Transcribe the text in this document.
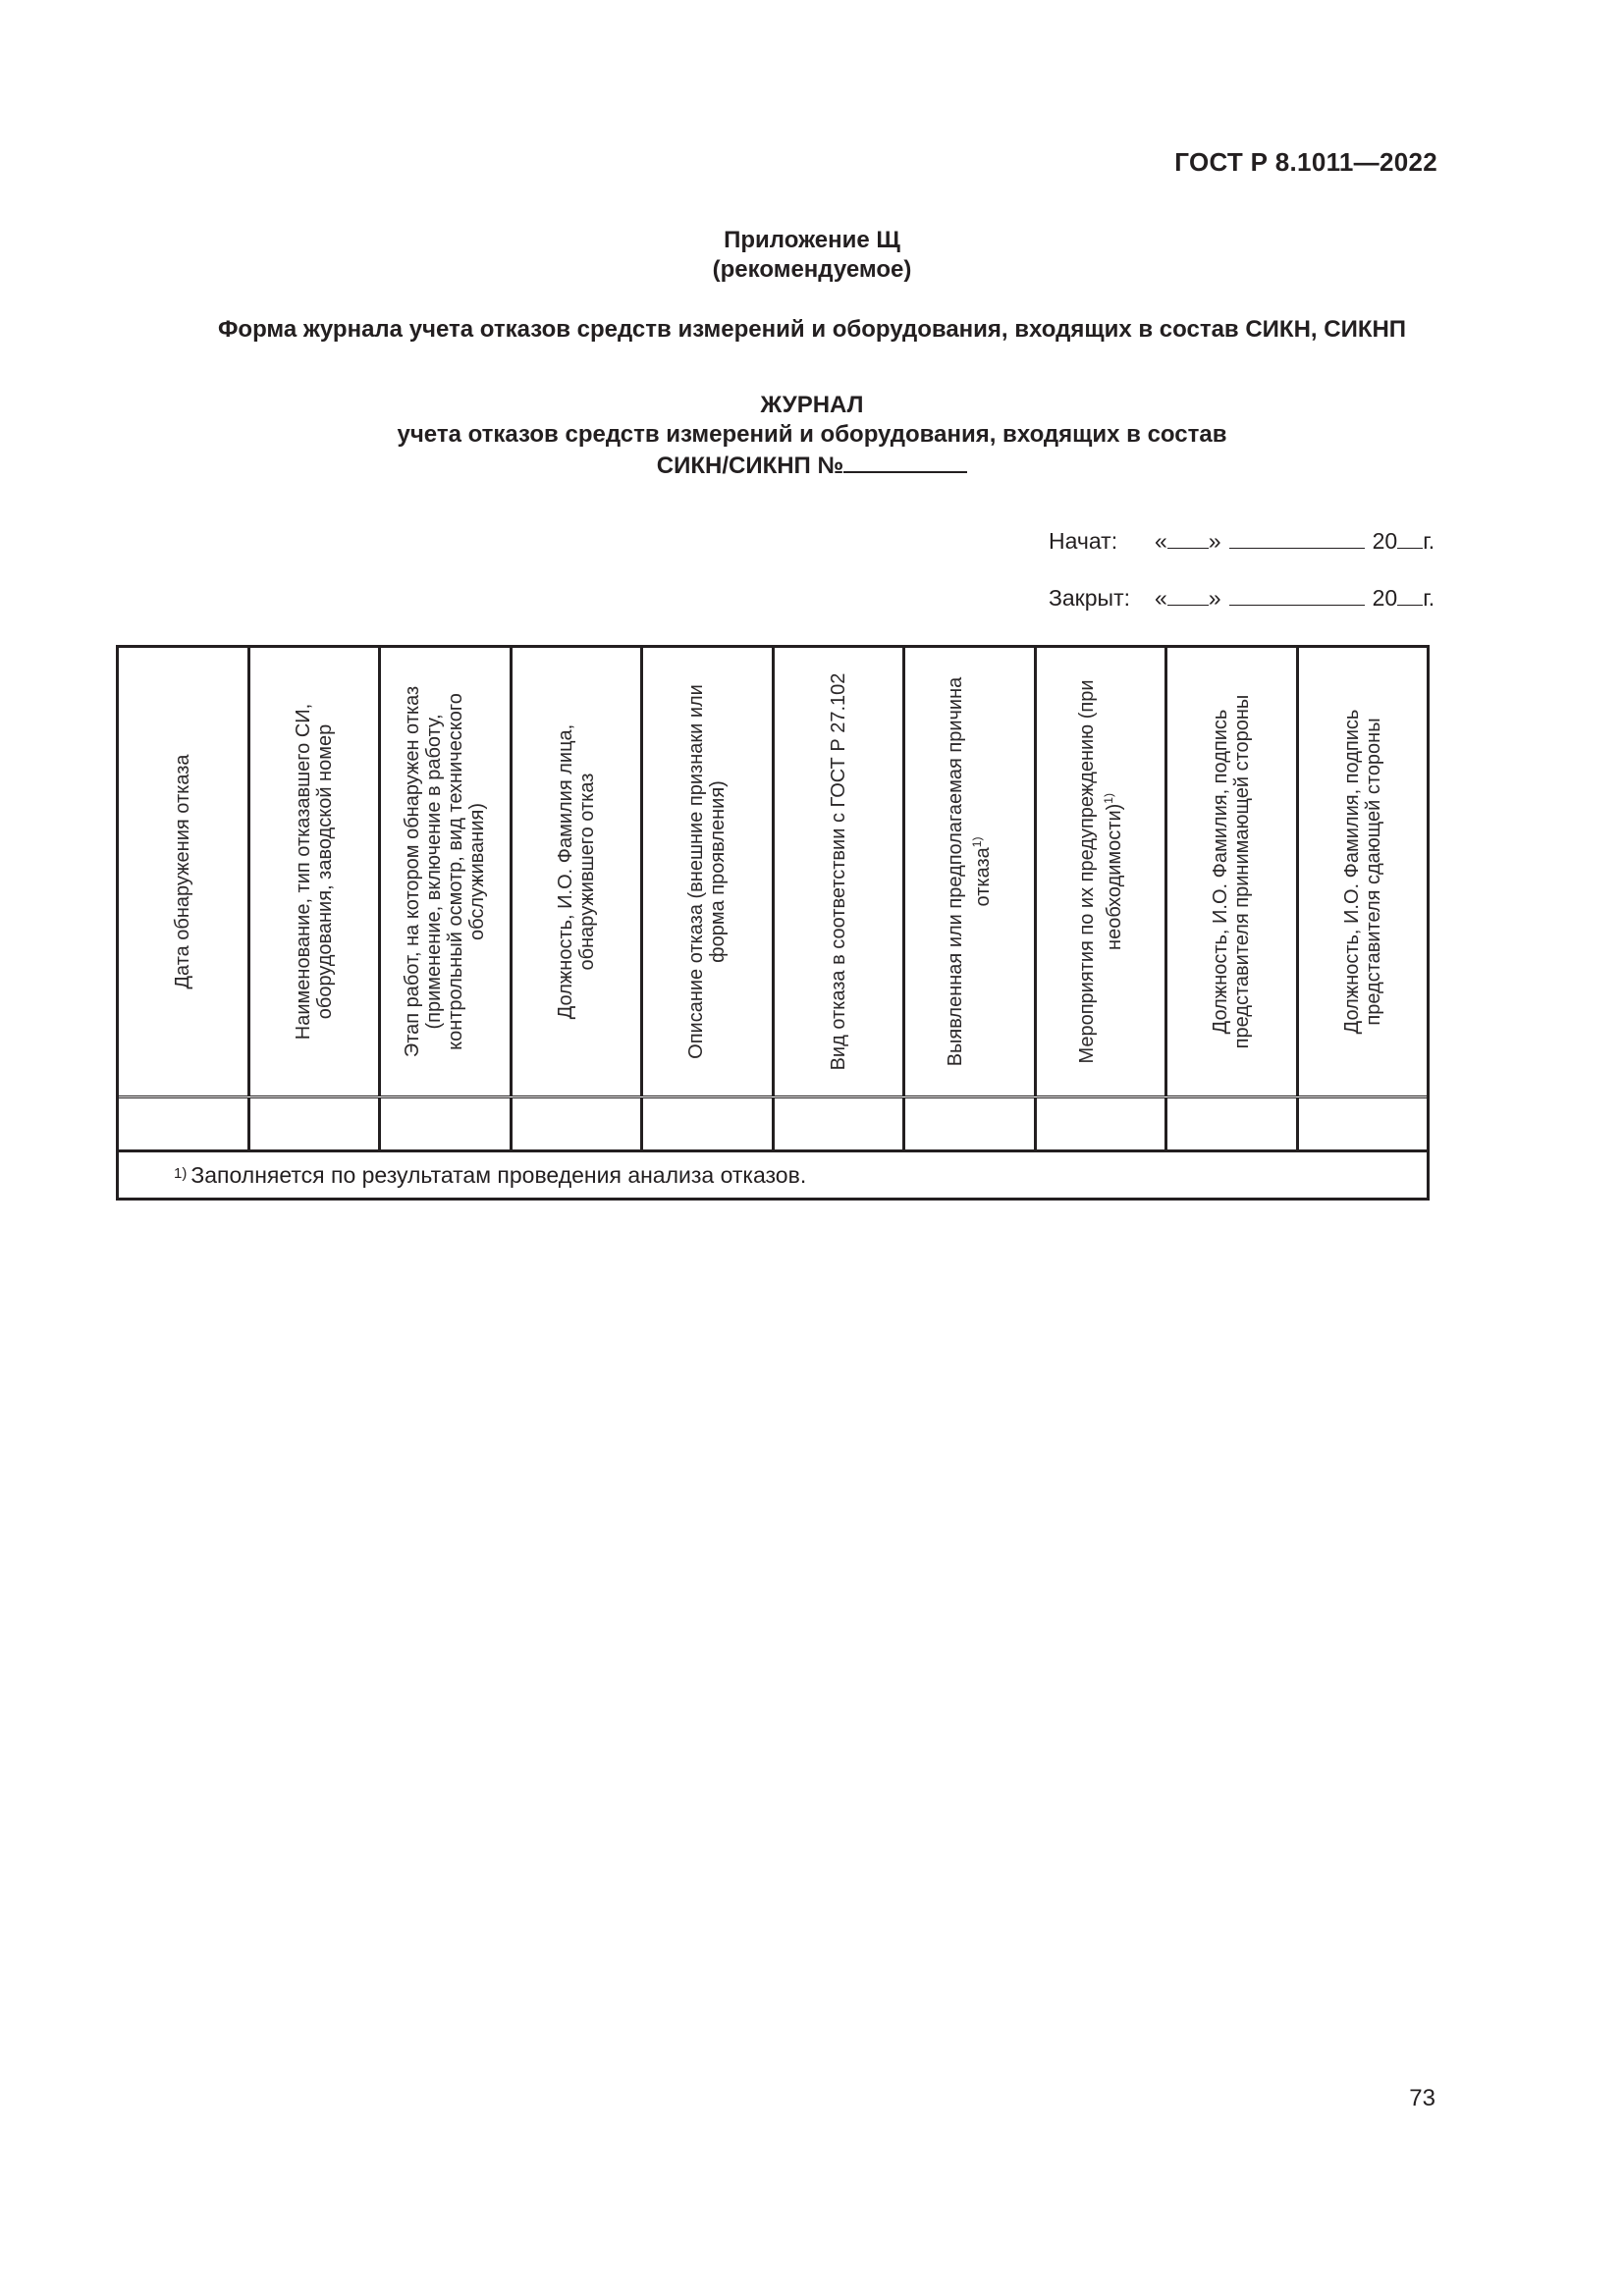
ГОСТ Р 8.1011—2022
Приложение Щ
(рекомендуемое)
Форма журнала учета отказов средств измерений и оборудования, входящих в состав СИКН, СИКНП
ЖУРНАЛ
учета отказов средств измерений и оборудования, входящих в состав
СИКН/СИКНП №
Начат:	« »	20 г.
Закрыт:	« »	20 г.
Дата обнаружения отказа	Наименование, тип отказавшего СИ, оборудования, заводской номер	Этап работ, на котором обнаружен отказ (применение, включение в работу, контрольный осмотр, вид технического обслуживания)	Должность, И.О. Фамилия лица, обнаружившего отказ	Описание отказа (внешние признаки или форма проявления)	Вид отказа в соответствии с ГОСТ Р 27.102	Выявленная или предполагаемая причина отказа$^{1)}$	Мероприятия по их предупреждению (при необходимости)$^{1)}$	Должность, И.О. Фамилия, подпись представителя принимающей стороны	Должность, И.О. Фамилия, подпись представителя сдающей стороны
$^{1)}$ Заполняется по результатам проведения анализа отказов.
73
